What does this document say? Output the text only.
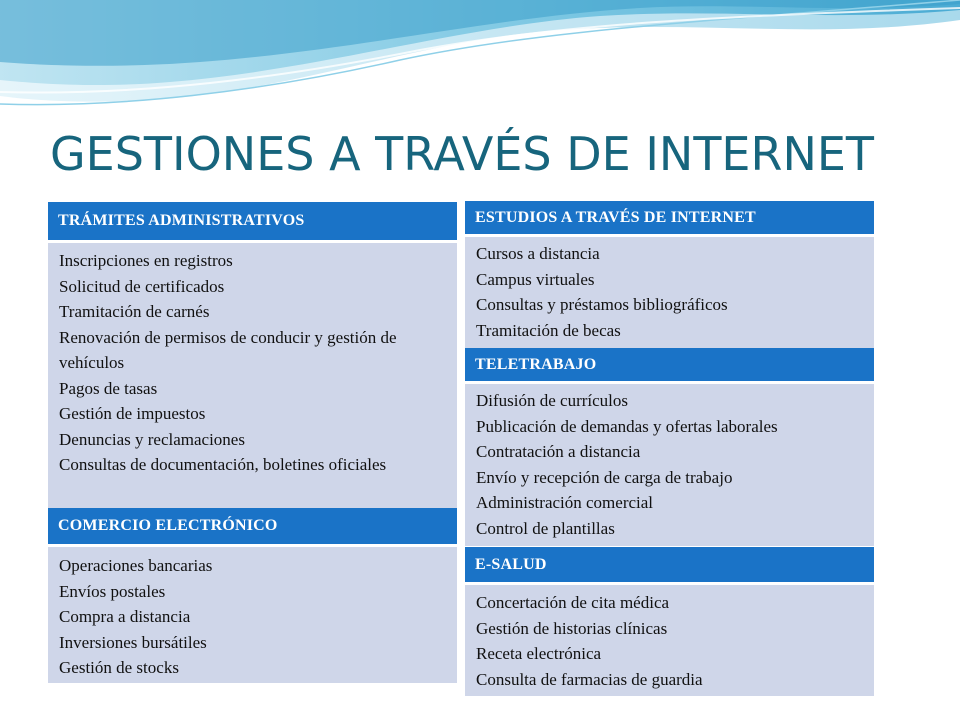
GESTIONES A TRAVÉS DE INTERNET
TRÁMITES ADMINISTRATIVOS
Inscripciones en registros
Solicitud de certificados
Tramitación de carnés
Renovación de permisos de conducir y gestión de vehículos
Pagos de tasas
Gestión de impuestos
Denuncias y reclamaciones
Consultas de documentación, boletines oficiales
COMERCIO ELECTRÓNICO
Operaciones bancarias
Envíos postales
Compra a distancia
Inversiones bursátiles
Gestión de stocks
ESTUDIOS A TRAVÉS DE INTERNET
Cursos a distancia
Campus virtuales
Consultas y préstamos bibliográficos
Tramitación de becas
TELETRABAJO
Difusión de currículos
Publicación de demandas y ofertas laborales
Contratación a distancia
Envío y recepción de carga de trabajo
Administración comercial
Control de plantillas
E-SALUD
Concertación de cita médica
Gestión de historias clínicas
Receta electrónica
Consulta de farmacias de guardia
